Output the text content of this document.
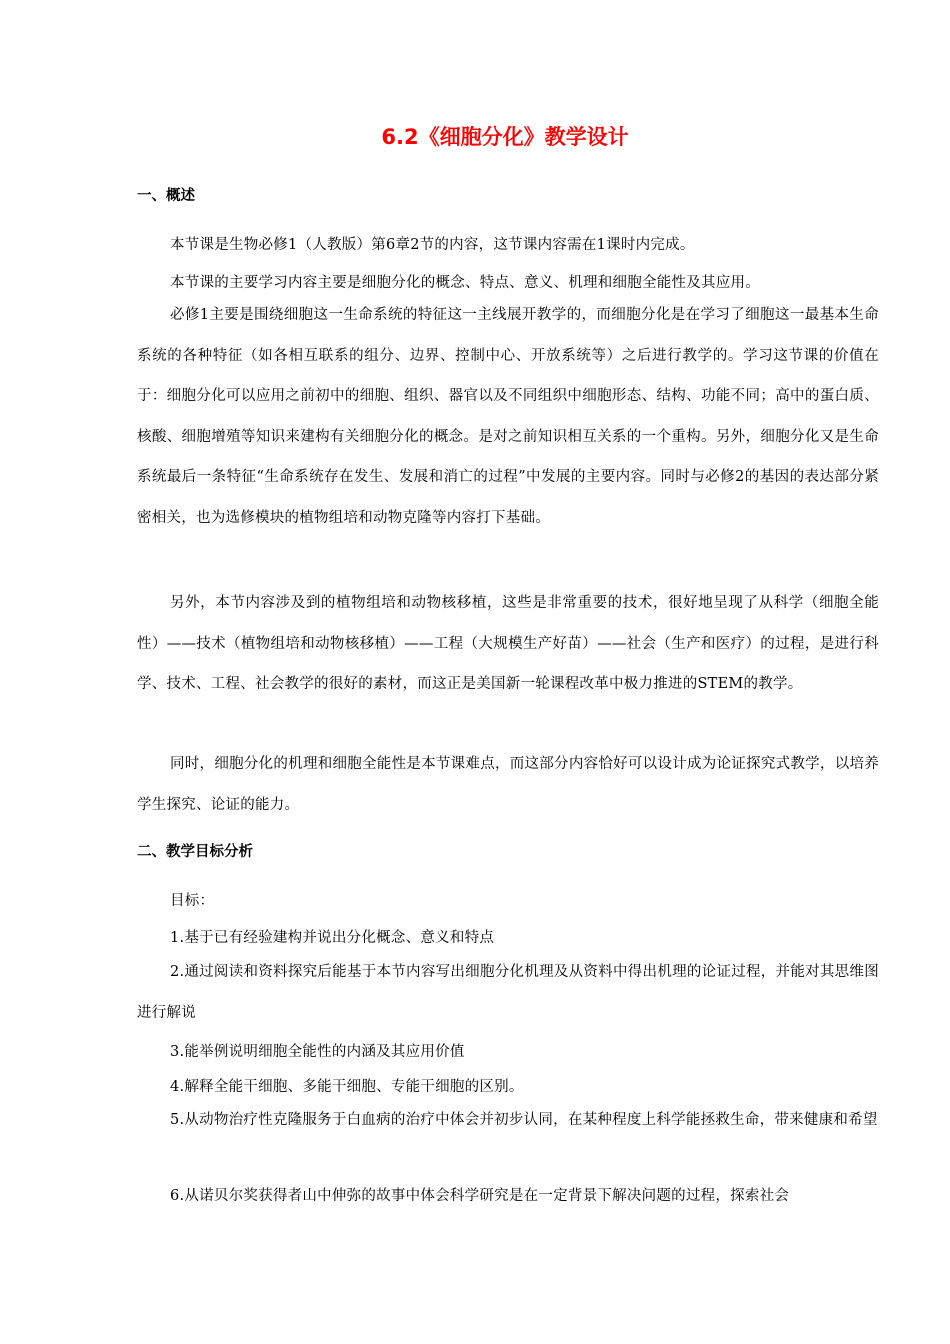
6.2《细胞分化》教学设计
一、概述

本节课是生物必修1（人教版）第6章2节的内容，这节课内容需在1课时内完成。

本节课的主要学习内容主要是细胞分化的概念、特点、意义、机理和细胞全能性及其应用。

必修1主要是围绕细胞这一生命系统的特征这一主线展开教学的，而细胞分化是在学习了细胞这一最基本生命系统的各种特征（如各相互联系的组分、边界、控制中心、开放系统等）之后进行教学的。学习这节课的价值在于：细胞分化可以应用之前初中的细胞、组织、器官以及不同组织中细胞形态、结构、功能不同；高中的蛋白质、核酸、细胞增殖等知识来建构有关细胞分化的概念。是对之前知识相互关系的一个重构。另外，细胞分化又是生命系统最后一条特征“生命系统存在发生、发展和消亡的过程”中发展的主要内容。同时与必修2的基因的表达部分紧密相关，也为选修模块的植物组培和动物克隆等内容打下基础。

另外，本节内容涉及到的植物组培和动物核移植，这些是非常重要的技术，很好地呈现了从科学（细胞全能性）——技术（植物组培和动物核移植）——工程（大规模生产好苗）——社会（生产和医疗）的过程，是进行科学、技术、工程、社会教学的很好的素材，而这正是美国新一轮课程改革中极力推进的STEM的教学。

同时，细胞分化的机理和细胞全能性是本节课难点，而这部分内容恰好可以设计成为论证探究式教学，以培养学生探究、论证的能力。

二、教学目标分析

目标：

1.基于已有经验建构并说出分化概念、意义和特点

2.通过阅读和资料探究后能基于本节内容写出细胞分化机理及从资料中得出机理的论证过程，并能对其思维图进行解说

3.能举例说明细胞全能性的内涵及其应用价值

4.解释全能干细胞、多能干细胞、专能干细胞的区别。

5.从动物治疗性克隆服务于白血病的治疗中体会并初步认同，在某种程度上科学能拯救生命，带来健康和希望

6.从诺贝尔奖获得者山中伸弥的故事中体会科学研究是在一定背景下解决问题的过程，探索社会
